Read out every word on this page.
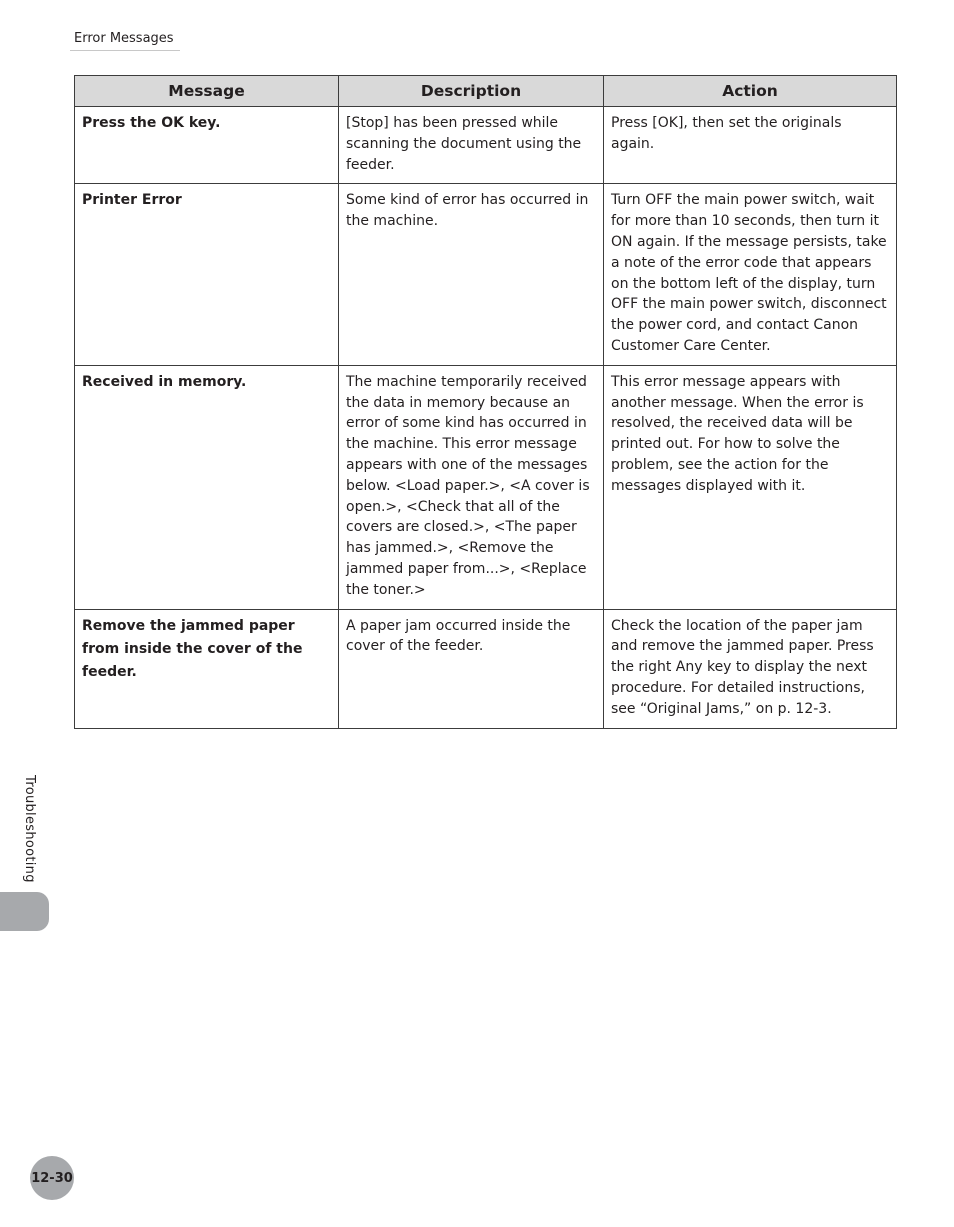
Error Messages
Message	Description	Action
Press the OK key.	[Stop] has been pressed while scanning the document using the feeder.	Press [OK], then set the originals again.
Printer Error	Some kind of error has occurred in the machine.	Turn OFF the main power switch, wait for more than 10 seconds, then turn it ON again. If the message persists, take a note of the error code that appears on the bottom left of the display, turn OFF the main power switch, disconnect the power cord, and contact Canon Customer Care Center.
Received in memory.	The machine temporarily received the data in memory because an error of some kind has occurred in the machine. This error message appears with one of the messages below. <Load paper.>, <A cover is open.>, <Check that all of the covers are closed.>, <The paper has jammed.>, <Remove the jammed paper from...>, <Replace the toner.>	This error message appears with another message. When the error is resolved, the received data will be printed out. For how to solve the problem, see the action for the messages displayed with it.
Remove the jammed paper from inside the cover of the feeder.	A paper jam occurred inside the cover of the feeder.	Check the location of the paper jam and remove the jammed paper. Press the right Any key to display the next procedure. For detailed instructions, see “Original Jams,” on p. 12-3.
Troubleshooting
12-30
